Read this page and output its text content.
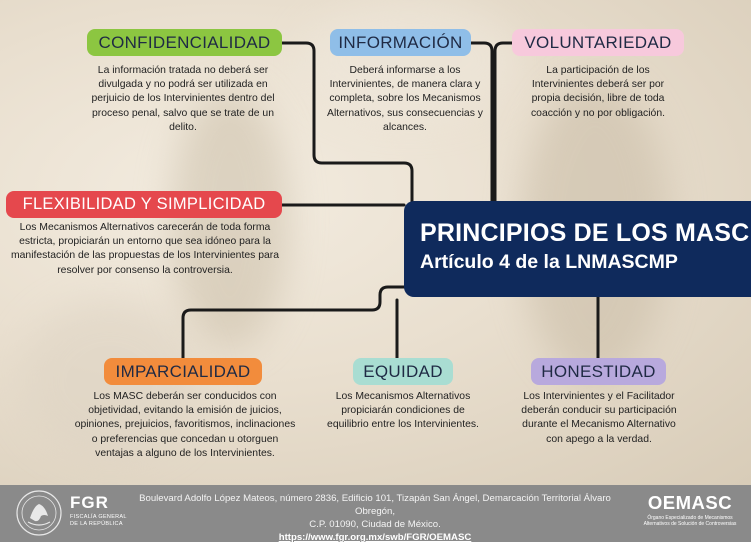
CONFIDENCIALIDAD
La información tratada no deberá ser divulgada y no podrá ser utilizada en perjuicio de los Intervinientes dentro del proceso penal, salvo que se trate de un delito.
INFORMACIÓN
Deberá informarse a los Intervinientes, de manera clara y completa, sobre los Mecanismos Alternativos, sus consecuencias y alcances.
VOLUNTARIEDAD
La participación de los Intervinientes deberá ser por propia decisión, libre de toda coacción y no por obligación.
FLEXIBILIDAD Y SIMPLICIDAD
Los Mecanismos Alternativos carecerán de toda forma estricta, propiciarán un entorno que sea idóneo para la manifestación de las propuestas de los Intervinientes para resolver por consenso la controversia.
PRINCIPIOS DE LOS MASC
Artículo 4 de la LNMASCMP
IMPARCIALIDAD
Los MASC deberán ser conducidos con objetividad, evitando la emisión de juicios, opiniones, prejuicios, favoritismos, inclinaciones o preferencias que concedan u otorguen ventajas a alguno de los Intervinientes.
EQUIDAD
Los Mecanismos Alternativos propiciarán condiciones de equilibrio entre los Intervinientes.
HONESTIDAD
Los Intervinientes y el Facilitador deberán conducir su participación durante el Mecanismo Alternativo con apego a la verdad.
FGR
FISCALÍA GENERAL DE LA REPÚBLICA
Boulevard Adolfo López Mateos, número 2836, Edificio 101, Tizapán San Ángel, Demarcación Territorial Álvaro Obregón,
C.P. 01090, Ciudad de México.
https://www.fgr.org.mx/swb/FGR/OEMASC
OEMASC
Órgano Especializado de Mecanismos Alternativos de Solución de Controversias
